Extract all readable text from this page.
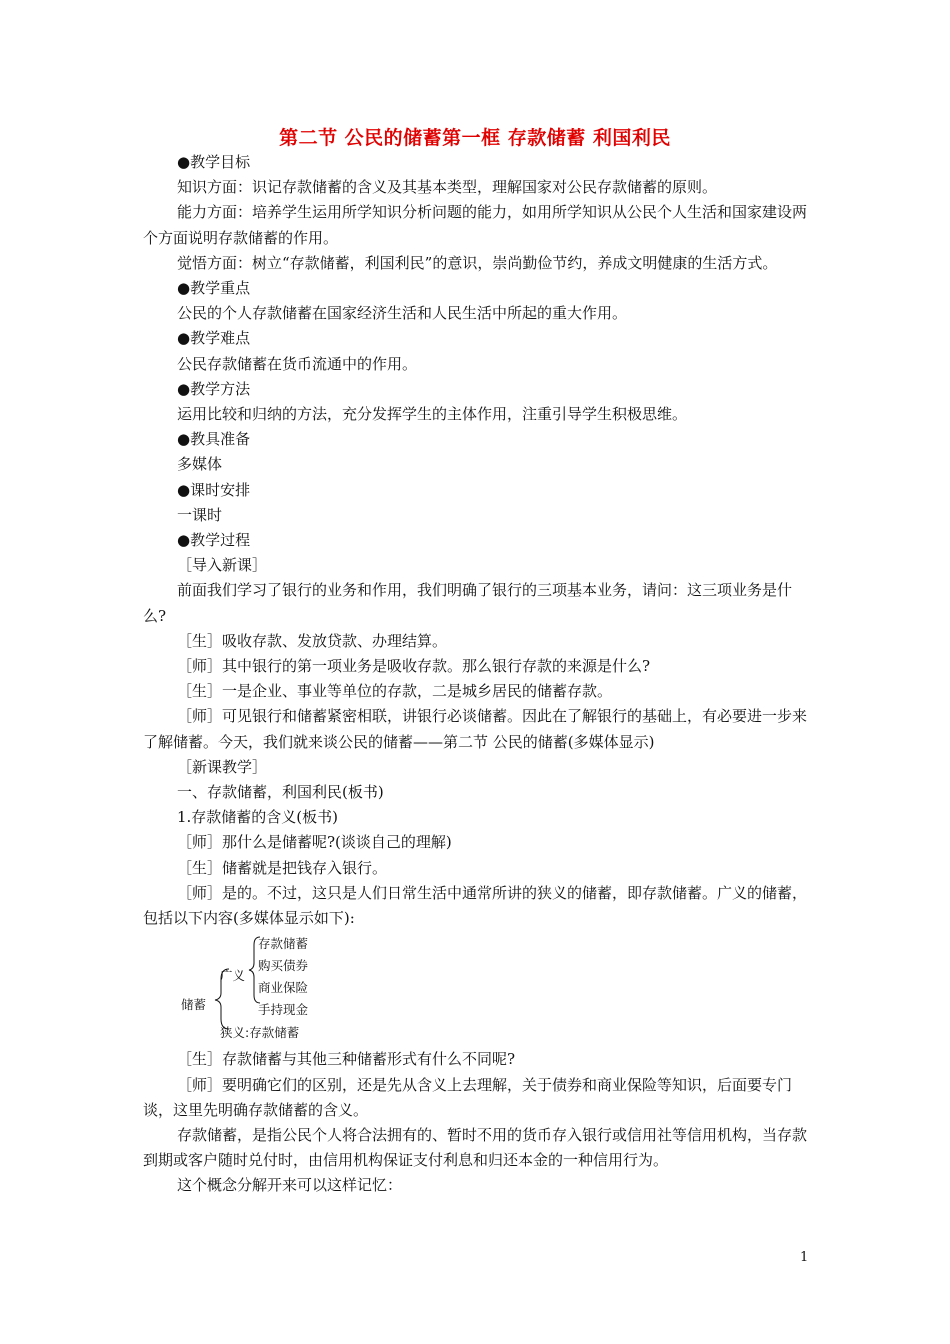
第二节 公民的储蓄第一框 存款储蓄 利国利民

●教学目标

知识方面：识记存款储蓄的含义及其基本类型，理解国家对公民存款储蓄的原则。

能力方面：培养学生运用所学知识分析问题的能力，如用所学知识从公民个人生活和国家建设两个方面说明存款储蓄的作用。

觉悟方面：树立“存款储蓄，利国利民”的意识，崇尚勤俭节约，养成文明健康的生活方式。

●教学重点

公民的个人存款储蓄在国家经济生活和人民生活中所起的重大作用。

●教学难点

公民存款储蓄在货币流通中的作用。

●教学方法

运用比较和归纳的方法，充分发挥学生的主体作用，注重引导学生积极思维。

●教具准备

多媒体

●课时安排

一课时

●教学过程

［导入新课］

前面我们学习了银行的业务和作用，我们明确了银行的三项基本业务，请问：这三项业务是什么?

［生］吸收存款、发放贷款、办理结算。

［师］其中银行的第一项业务是吸收存款。那么银行存款的来源是什么?

［生］一是企业、事业等单位的存款，二是城乡居民的储蓄存款。

［师］可见银行和储蓄紧密相联，讲银行必谈储蓄。因此在了解银行的基础上，有必要进一步来了解储蓄。今天，我们就来谈公民的储蓄——第二节 公民的储蓄(多媒体显示)

［新课教学］

一、存款储蓄，利国利民(板书)

1.存款储蓄的含义(板书)

［师］那什么是储蓄呢?(谈谈自己的理解)

［生］储蓄就是把钱存入银行。

［师］是的。不过，这只是人们日常生活中通常所讲的狭义的储蓄，即存款储蓄。广义的储蓄，包括以下内容(多媒体显示如下):

储蓄
广义
存款储蓄
购买债券
商业保险
手持现金
狭义:存款储蓄

［生］存款储蓄与其他三种储蓄形式有什么不同呢?

［师］要明确它们的区别，还是先从含义上去理解，关于债券和商业保险等知识，后面要专门谈，这里先明确存款储蓄的含义。

存款储蓄，是指公民个人将合法拥有的、暂时不用的货币存入银行或信用社等信用机构，当存款到期或客户随时兑付时，由信用机构保证支付利息和归还本金的一种信用行为。

这个概念分解开来可以这样记忆：

1
